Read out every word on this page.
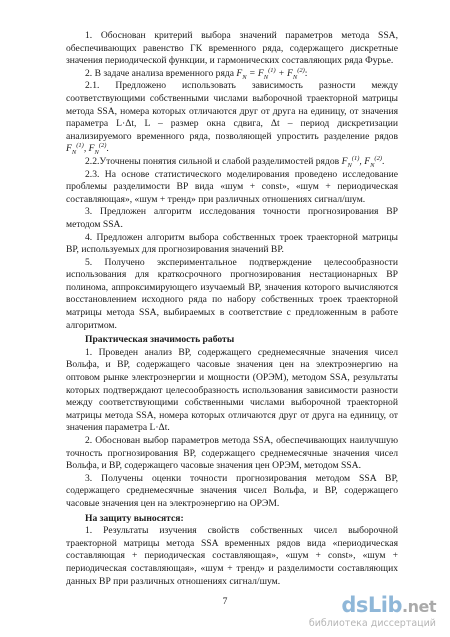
1. Обоснован критерий выбора значений параметров метода SSA, обеспечивающих равенство ГК временного ряда, содержащего дискретные значения периодической функции, и гармонических составляющих ряда Фурье.

2. В задаче анализа временного ряда $F_N = F_N^{(1)} + F_N^{(2)}$:

2.1. Предложено использовать зависимость разности между соответствующими собственными числами выборочной траекторной матрицы метода SSA, номера которых отличаются друг от друга на единицу, от значения параметра L·Δt, L – размер окна сдвига, Δt – период дискретизации анализируемого временного ряда, позволяющей упростить разделение рядов $F_N^{(1)}$, $F_N^{(2)}$.

2.2.Уточнены понятия сильной и слабой разделимостей рядов $F_N^{(1)}$, $F_N^{(2)}$.

2.3. На основе статистического моделирования проведено исследование проблемы разделимости ВР вида «шум + const», «шум + периодическая составляющая», «шум + тренд» при различных отношениях сигнал/шум.

3. Предложен алгоритм исследования точности прогнозирования ВР методом SSA.

4. Предложен алгоритм выбора собственных троек траекторной матрицы ВР, используемых для прогнозирования значений ВР.

5. Получено экспериментальное подтверждение целесообразности использования для краткосрочного прогнозирования нестационарных ВР полинома, аппроксимирующего изучаемый ВР, значения которого вычисляются восстановлением исходного ряда по набору собственных троек траекторной матрицы метода SSA, выбираемых в соответствие с предложенным в работе алгоритмом.

Практическая значимость работы

1. Проведен анализ ВР, содержащего среднемесячные значения чисел Вольфа, и ВР, содержащего часовые значения цен на электроэнергию на оптовом рынке электроэнергии и мощности (ОРЭМ), методом SSA, результаты которых подтверждают целесообразность использования зависимости разности между соответствующими собственными числами выборочной траекторной матрицы метода SSA, номера которых отличаются друг от друга на единицу, от значения параметра L·Δt.

2. Обоснован выбор параметров метода SSA, обеспечивающих наилучшую точность прогнозирования ВР, содержащего среднемесячные значения чисел Вольфа, и ВР, содержащего часовые значения цен ОРЭМ, методом SSA.

3. Получены оценки точности прогнозирования методом SSA ВР, содержащего среднемесячные значения чисел Вольфа, и ВР, содержащего часовые значения цен на электроэнергию на ОРЭМ.

На защиту выносятся:

1. Результаты изучения свойств собственных чисел выборочной траекторной матрицы метода SSA временных рядов вида «периодическая составляющая + периодическая составляющая», «шум + const», «шум + периодическая составляющая», «шум + тренд» и разделимости составляющих данных ВР при различных отношениях сигнал/шум.

7	dsLib.net
библиотека диссертаций
